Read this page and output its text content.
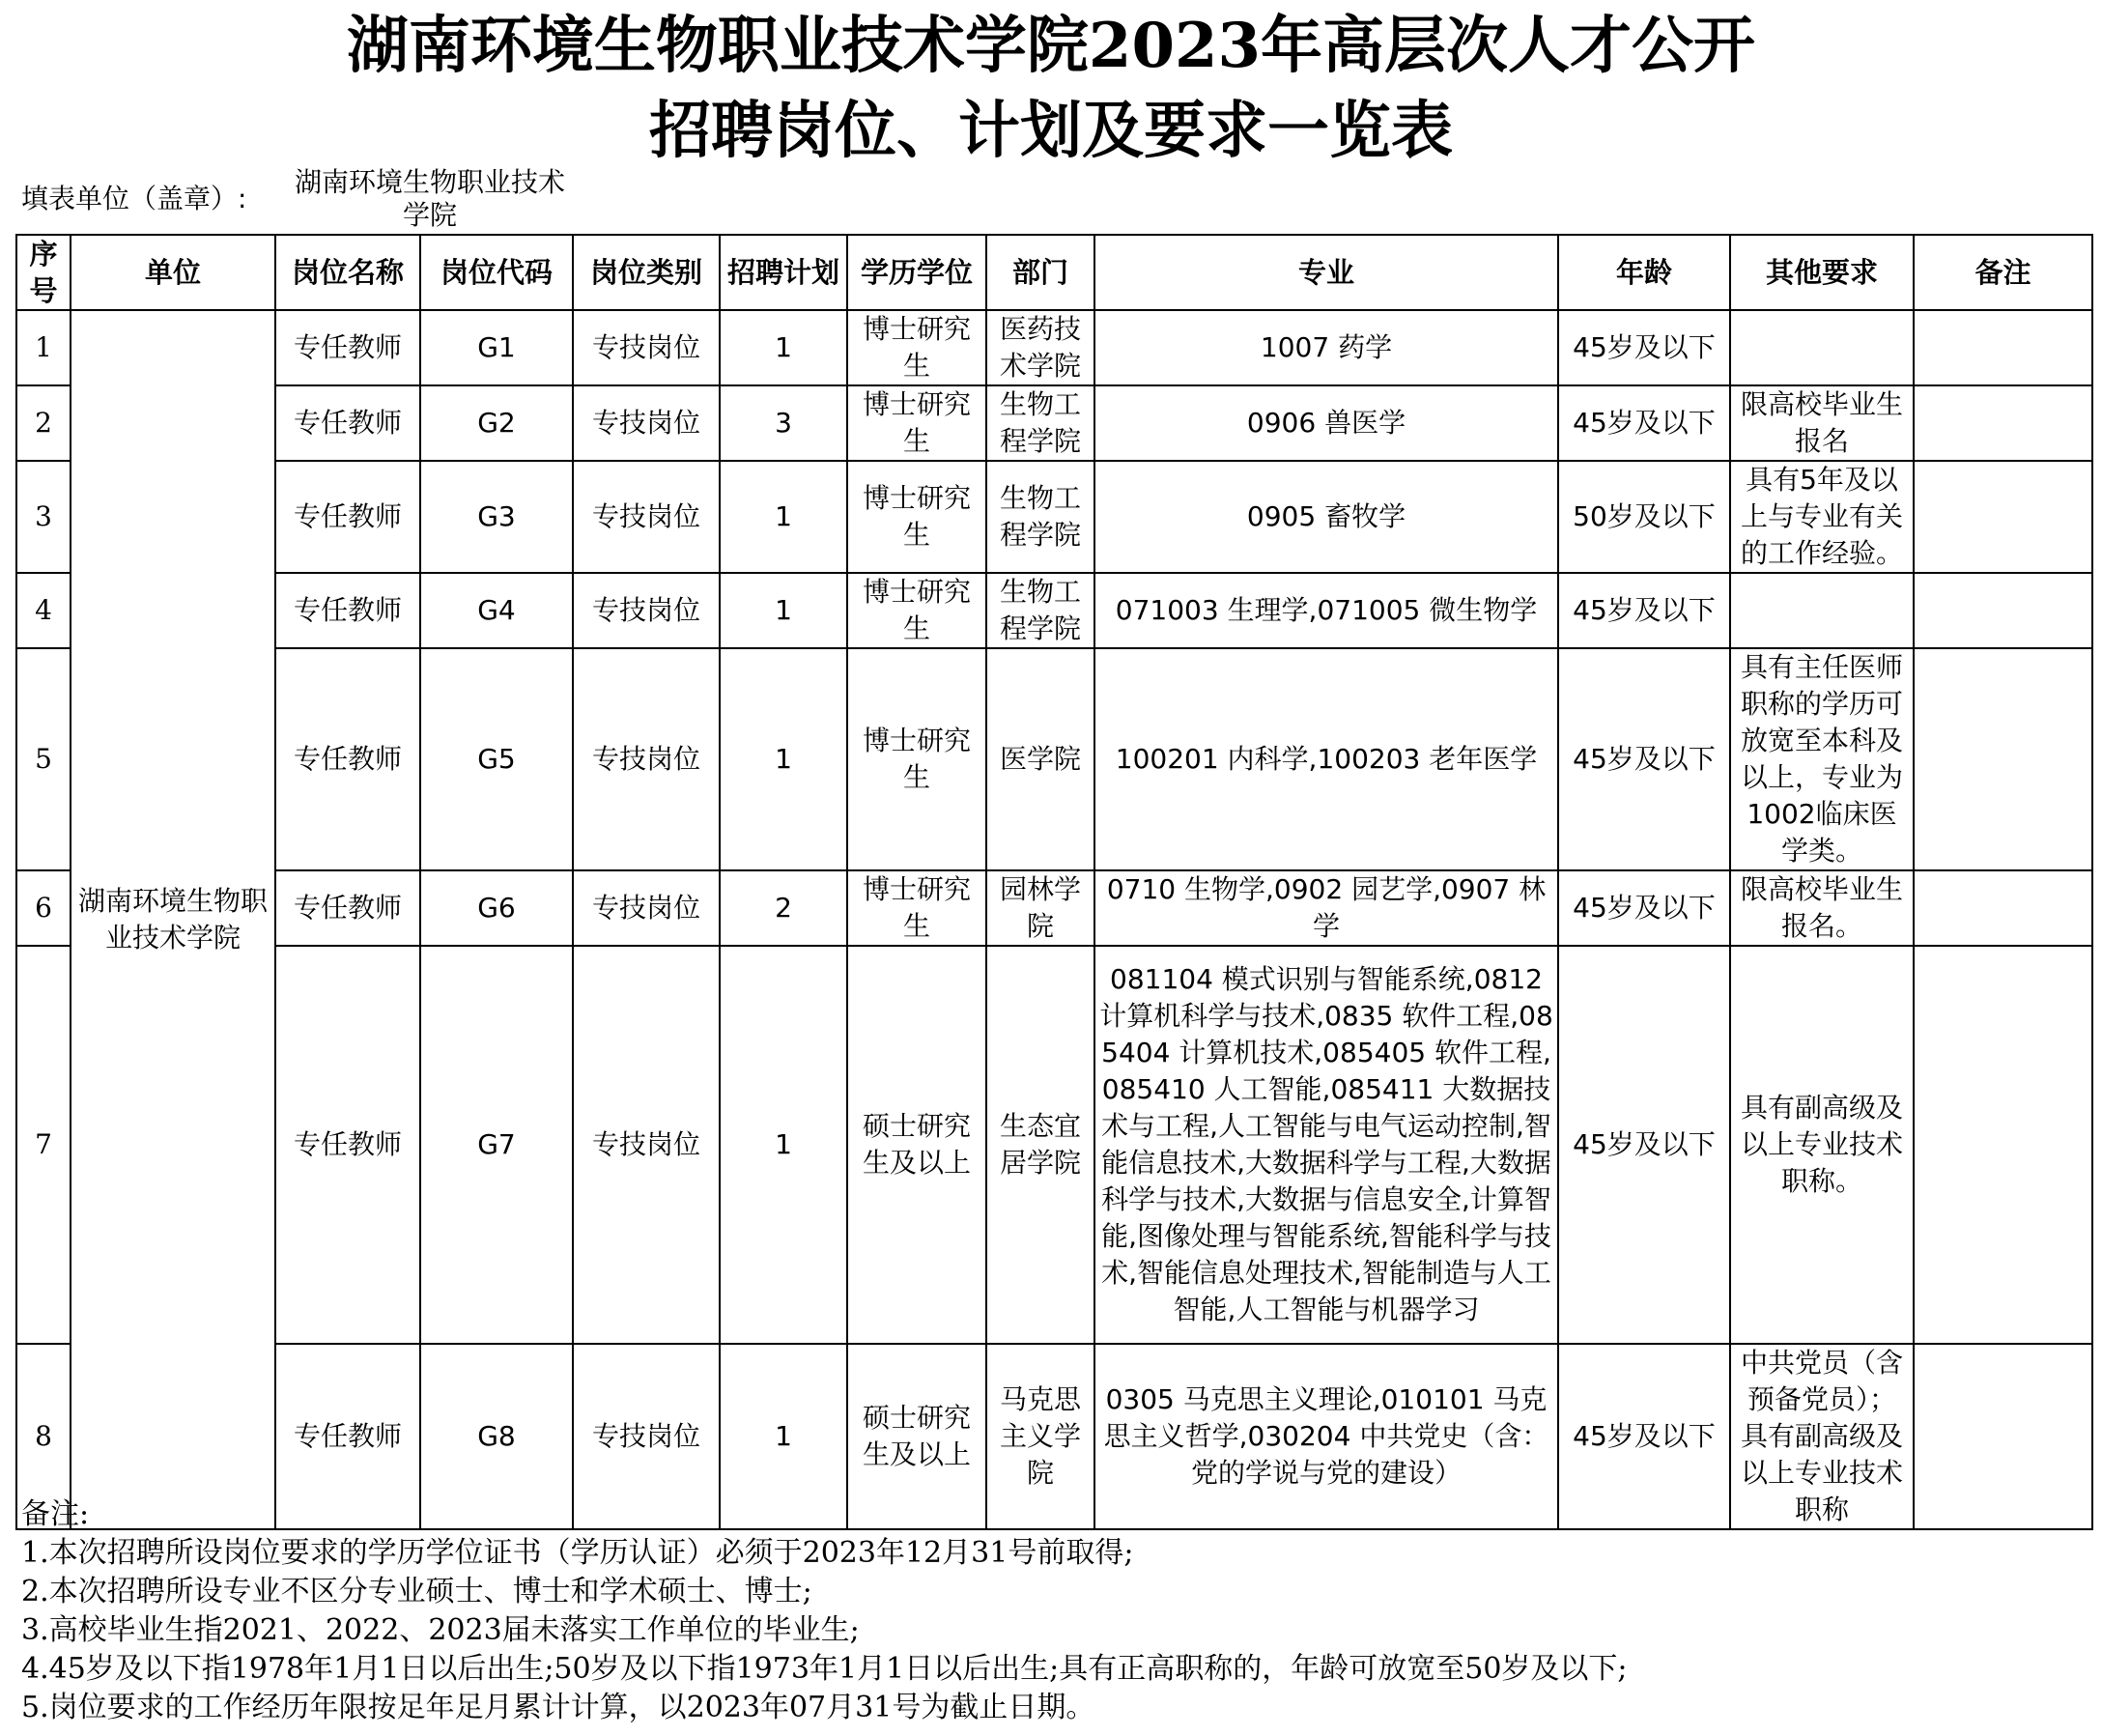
湖南环境生物职业技术学院2023年高层次人才公开
招聘岗位、计划及要求一览表
填表单位（盖章）:
湖南环境生物职业技术学院
序号	单位	岗位名称	岗位代码	岗位类别	招聘计划	学历学位	部门	专业	年龄	其他要求	备注
1	湖南环境生物职业技术学院	专任教师	G1	专技岗位	1	博士研究生	医药技术学院	1007 药学	45岁及以下		
2		专任教师	G2	专技岗位	3	博士研究生	生物工程学院	0906 兽医学	45岁及以下	限高校毕业生报名	
3		专任教师	G3	专技岗位	1	博士研究生	生物工程学院	0905 畜牧学	50岁及以下	具有5年及以上与专业有关的工作经验。	
4		专任教师	G4	专技岗位	1	博士研究生	生物工程学院	071003 生理学,071005 微生物学	45岁及以下		
5		专任教师	G5	专技岗位	1	博士研究生	医学院	100201 内科学,100203 老年医学	45岁及以下	具有主任医师职称的学历可放宽至本科及以上，专业为1002临床医学类。	
6		专任教师	G6	专技岗位	2	博士研究生	园林学院	0710 生物学,0902 园艺学,0907 林学	45岁及以下	限高校毕业生报名。	
7		专任教师	G7	专技岗位	1	硕士研究生及以上	生态宜居学院	081104 模式识别与智能系统,0812 计算机科学与技术,0835 软件工程,085404 计算机技术,085405 软件工程,085410 人工智能,085411 大数据技术与工程,人工智能与电气运动控制,智能信息技术,大数据科学与工程,大数据科学与技术,大数据与信息安全,计算智能,图像处理与智能系统,智能科学与技术,智能信息处理技术,智能制造与人工智能,人工智能与机器学习	45岁及以下	具有副高级及以上专业技术职称。	
8		专任教师	G8	专技岗位	1	硕士研究生及以上	马克思主义学院	0305 马克思主义理论,010101 马克思主义哲学,030204 中共党史（含：党的学说与党的建设）	45岁及以下	中共党员（含预备党员）；具有副高级及以上专业技术职称	
备注:
1.本次招聘所设岗位要求的学历学位证书（学历认证）必须于2023年12月31号前取得;
2.本次招聘所设专业不区分专业硕士、博士和学术硕士、博士;
3.高校毕业生指2021、2022、2023届未落实工作单位的毕业生;
4.45岁及以下指1978年1月1日以后出生;50岁及以下指1973年1月1日以后出生;具有正高职称的，年龄可放宽至50岁及以下;
5.岗位要求的工作经历年限按足年足月累计计算，以2023年07月31号为截止日期。
